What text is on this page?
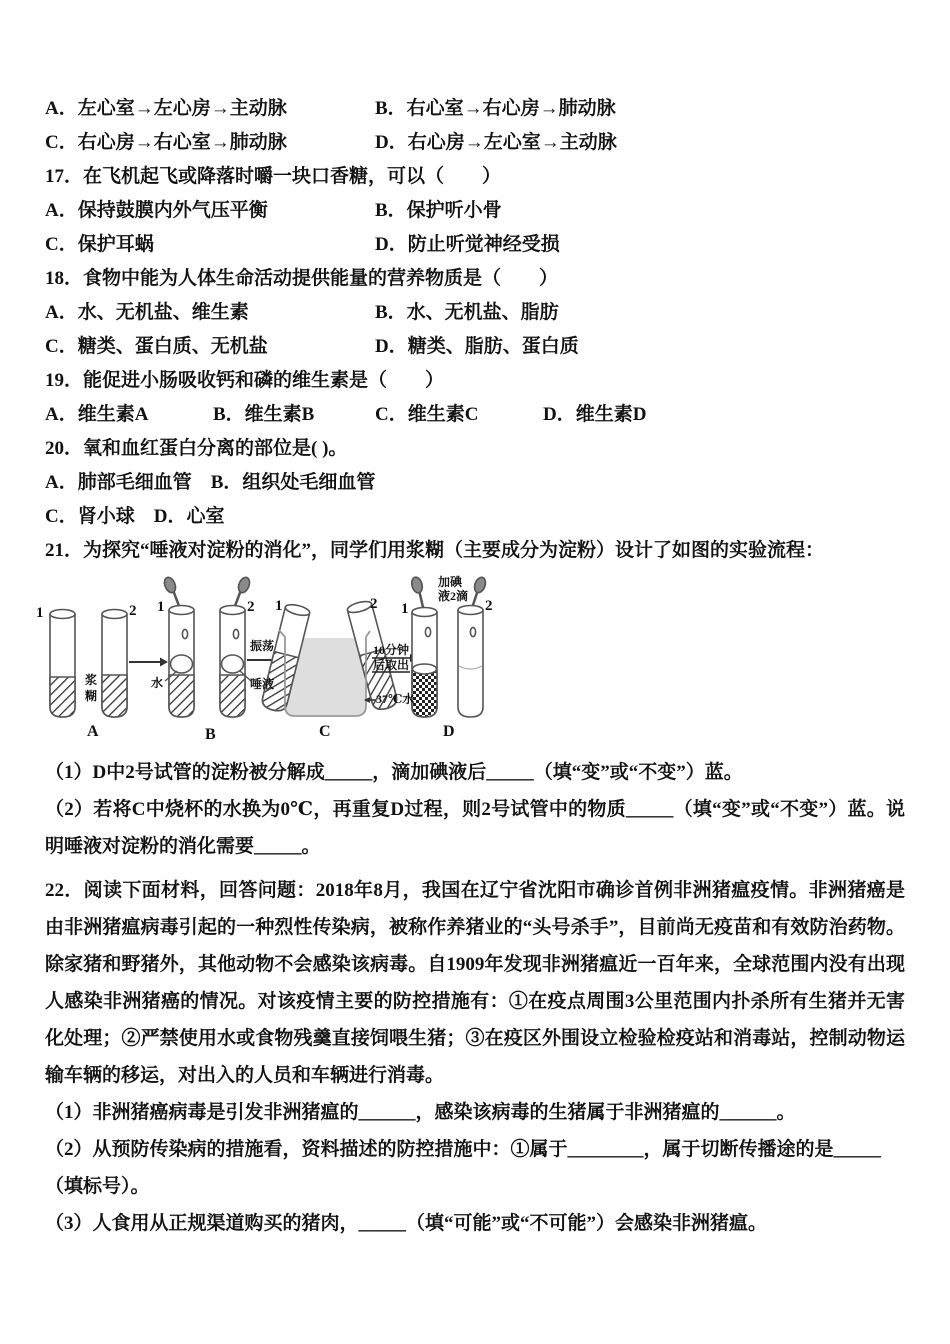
A．左心室→左心房→主动脉	B．右心室→右心房→肺动脉
C．右心房→右心室→肺动脉	D．右心房→左心室→主动脉
17．在飞机起飞或降落时嚼一块口香糖，可以（　　）
A．保持鼓膜内外气压平衡	B．保护听小骨
C．保护耳蜗	D．防止听觉神经受损
18．食物中能为人体生命活动提供能量的营养物质是（　　）
A．水、无机盐、维生素	B．水、无机盐、脂肪
C．糖类、蛋白质、无机盐	D．糖类、脂肪、蛋白质
19．能促进小肠吸收钙和磷的维生素是（　　）
A．维生素A	B．维生素B	C．维生素C	D．维生素D
20．氧和血红蛋白分离的部位是( )。
A．肺部毛细血管　B．组织处毛细血管
C．肾小球　D．心室
21．为探究“唾液对淀粉的消化”，同学们用浆糊（主要成分为淀粉）设计了如图的实验流程：
1	2
浆糊
1	2
水	唾液
振荡
1	2
10分钟
后取出
37℃水
加碘
液2滴
1	2
A	B	C	D
（1）D中2号试管的淀粉被分解成_____，滴加碘液后_____（填“变”或“不变”）蓝。
（2）若将C中烧杯的水换为0℃，再重复D过程，则2号试管中的物质_____（填“变”或“不变”）蓝。说明唾液对淀粉的消化需要_____。
22．阅读下面材料，回答问题：2018年8月，我国在辽宁省沈阳市确诊首例非洲猪瘟疫情。非洲猪癌是由非洲猪瘟病毒引起的一种烈性传染病，被称作养猪业的“头号杀手”，目前尚无疫苗和有效防治药物。除家猪和野猪外，其他动物不会感染该病毒。自1909年发现非洲猪瘟近一百年来，全球范围内没有出现人感染非洲猪癌的情况。对该疫情主要的防控措施有：①在疫点周围3公里范围内扑杀所有生猪并无害化处理；②严禁使用水或食物残羹直接饲喂生猪；③在疫区外围设立检验检疫站和消毒站，控制动物运输车辆的移运，对出入的人员和车辆进行消毒。
（1）非洲猪癌病毒是引发非洲猪瘟的______，感染该病毒的生猪属于非洲猪瘟的______。
（2）从预防传染病的措施看，资料描述的防控措施中：①属于________，属于切断传播途的是_____（填标号）。
（3）人食用从正规渠道购买的猪肉，_____（填“可能”或“不可能”）会感染非洲猪瘟。
